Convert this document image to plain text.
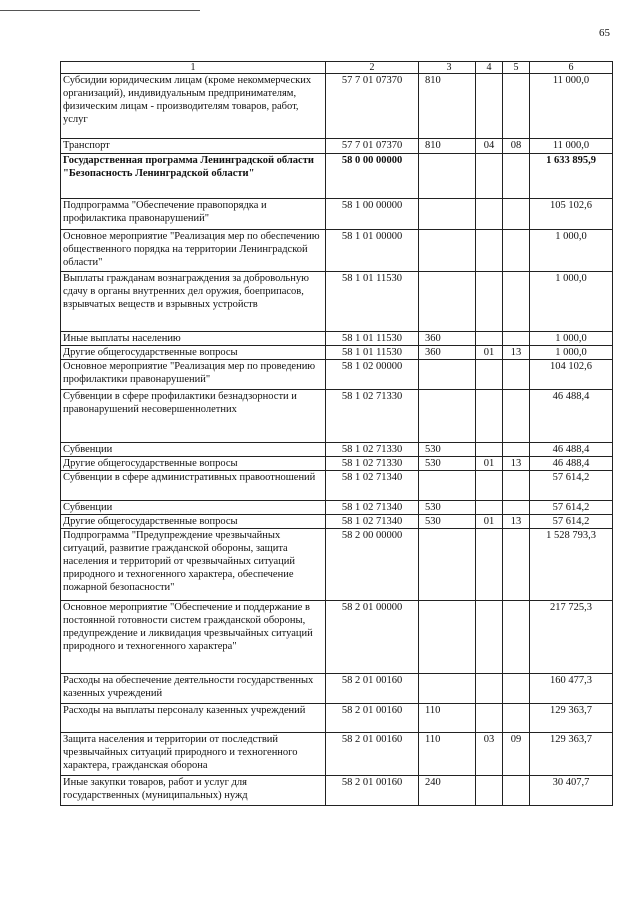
65
1	2	3	4	5	6
Субсидии юридическим лицам (кроме некоммерческих организаций), индивидуальным предпринимателям, физическим лицам - производителям товаров, работ, услуг	57 7 01 07370	810			11 000,0
Транспорт	57 7 01 07370	810	04	08	11 000,0
Государственная программа Ленинградской области "Безопасность Ленинградской области"	58 0 00 00000				1 633 895,9
Подпрограмма "Обеспечение правопорядка и профилактика правонарушений"	58 1 00 00000				105 102,6
Основное мероприятие "Реализация мер по обеспечению общественного порядка на территории Ленинградской области"	58 1 01 00000				1 000,0
Выплаты гражданам вознаграждения за добровольную сдачу в органы внутренних дел оружия, боеприпасов, взрывчатых веществ и взрывных устройств	58 1 01 11530				1 000,0
Иные выплаты населению	58 1 01 11530	360			1 000,0
Другие общегосударственные вопросы	58 1 01 11530	360	01	13	1 000,0
Основное мероприятие "Реализация мер по проведению профилактики правонарушений"	58 1 02 00000				104 102,6
Субвенции в сфере профилактики безнадзорности и правонарушений несовершеннолетних	58 1 02 71330				46 488,4
Субвенции	58 1 02 71330	530			46 488,4
Другие общегосударственные вопросы	58 1 02 71330	530	01	13	46 488,4
Субвенции в сфере административных правоотношений	58 1 02 71340				57 614,2
Субвенции	58 1 02 71340	530			57 614,2
Другие общегосударственные вопросы	58 1 02 71340	530	01	13	57 614,2
Подпрограмма "Предупреждение чрезвычайных ситуаций, развитие гражданской обороны, защита населения и территорий от чрезвычайных ситуаций природного и техногенного характера, обеспечение пожарной безопасности"	58 2 00 00000				1 528 793,3
Основное мероприятие "Обеспечение и поддержание в постоянной готовности систем гражданской обороны, предупреждение и ликвидация чрезвычайных ситуаций природного и техногенного характера"	58 2 01 00000				217 725,3
Расходы на обеспечение деятельности государственных казенных учреждений	58 2 01 00160				160 477,3
Расходы на выплаты персоналу казенных учреждений	58 2 01 00160	110			129 363,7
Защита населения и территории от последствий чрезвычайных ситуаций природного и техногенного характера, гражданская оборона	58 2 01 00160	110	03	09	129 363,7
Иные закупки товаров, работ и услуг для государственных (муниципальных) нужд	58 2 01 00160	240			30 407,7
